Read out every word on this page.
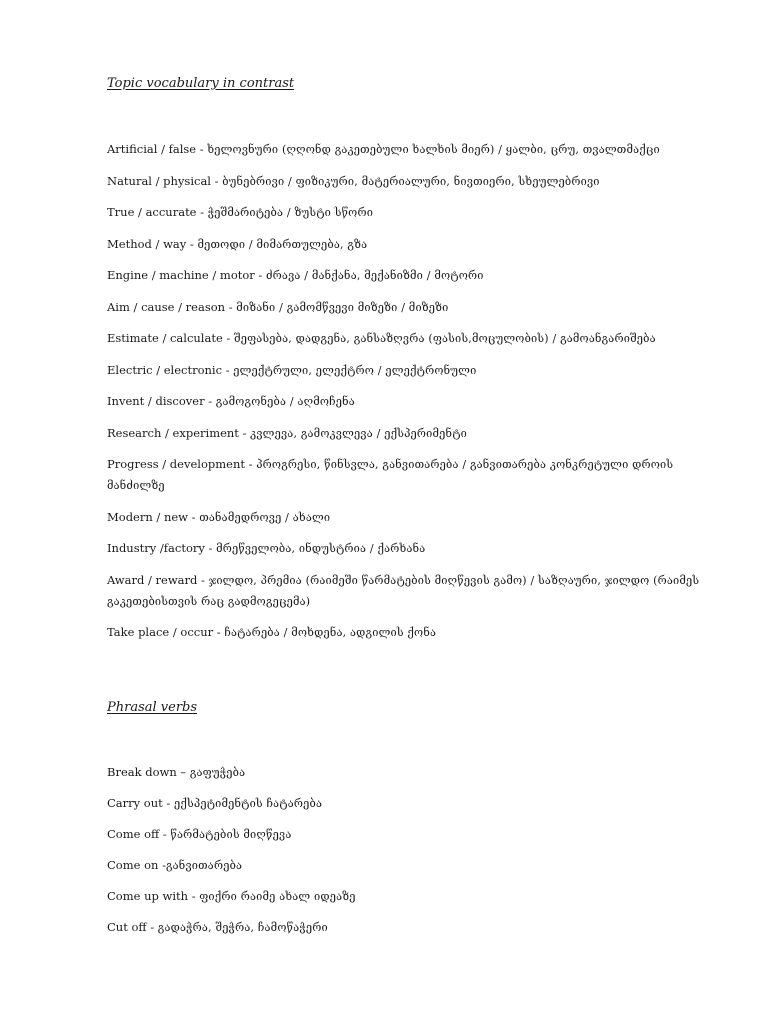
Topic vocabulary in contrast
Artificial / false - ხელოვნური (ღღონდ გაკეთებული ხალხის მიერ) / ყალბი, ცრუ, თვალთმაქცი
Natural / physical - ბუნებრივი / ფიზიკური, მატერიალური, ნივთიერი, სხეულებრივი
True / accurate - ჭეშმარიტება / ზუსტი სწორი
Method / way - მეთოდი / მიმართულება, გზა
Engine / machine / motor - ძრავა / მანქანა, მექანიზმი / მოტორი
Aim / cause / reason - მიზანი / გამომწვევი მიზეზი / მიზეზი
Estimate / calculate - შეფასება, დადგენა, განსაზღვრა (ფასის,მოცულობის) / გამოანგარიშება
Electric / electronic - ელექტრული, ელექტრო / ელექტრონული
Invent / discover - გამოგონება / აღმოჩენა
Research / experiment - კვლევა, გამოკვლევა / ექსპერიმენტი
Progress / development - პროგრესი, წინსვლა, განვითარება / განვითარება კონკრეტული დროის მანძილზე
Modern / new - თანამედროვე / ახალი
Industry /factory - მრეწველობა, ინდუსტრია / ქარხანა
Award / reward - ჯილდო, პრემია (რაიმეში წარმატების მიღწევის გამო) / საზღაური, ჯილდო (რაიმეს გაკეთებისთვის რაც გადმოგეცემა)
Take place / occur - ჩატარება / მოხდენა, ადგილის ქონა
Phrasal verbs
Break down – გაფუჭება
Carry out - ექსპეტიმენტის ჩატარება
Come off - წარმატების მიღწევა
Come on -განვითარება
Come up with - ფიქრი რაიმე ახალ იდეაზე
Cut off - გადაჭრა, შეჭრა, ჩამოწაჭერი
